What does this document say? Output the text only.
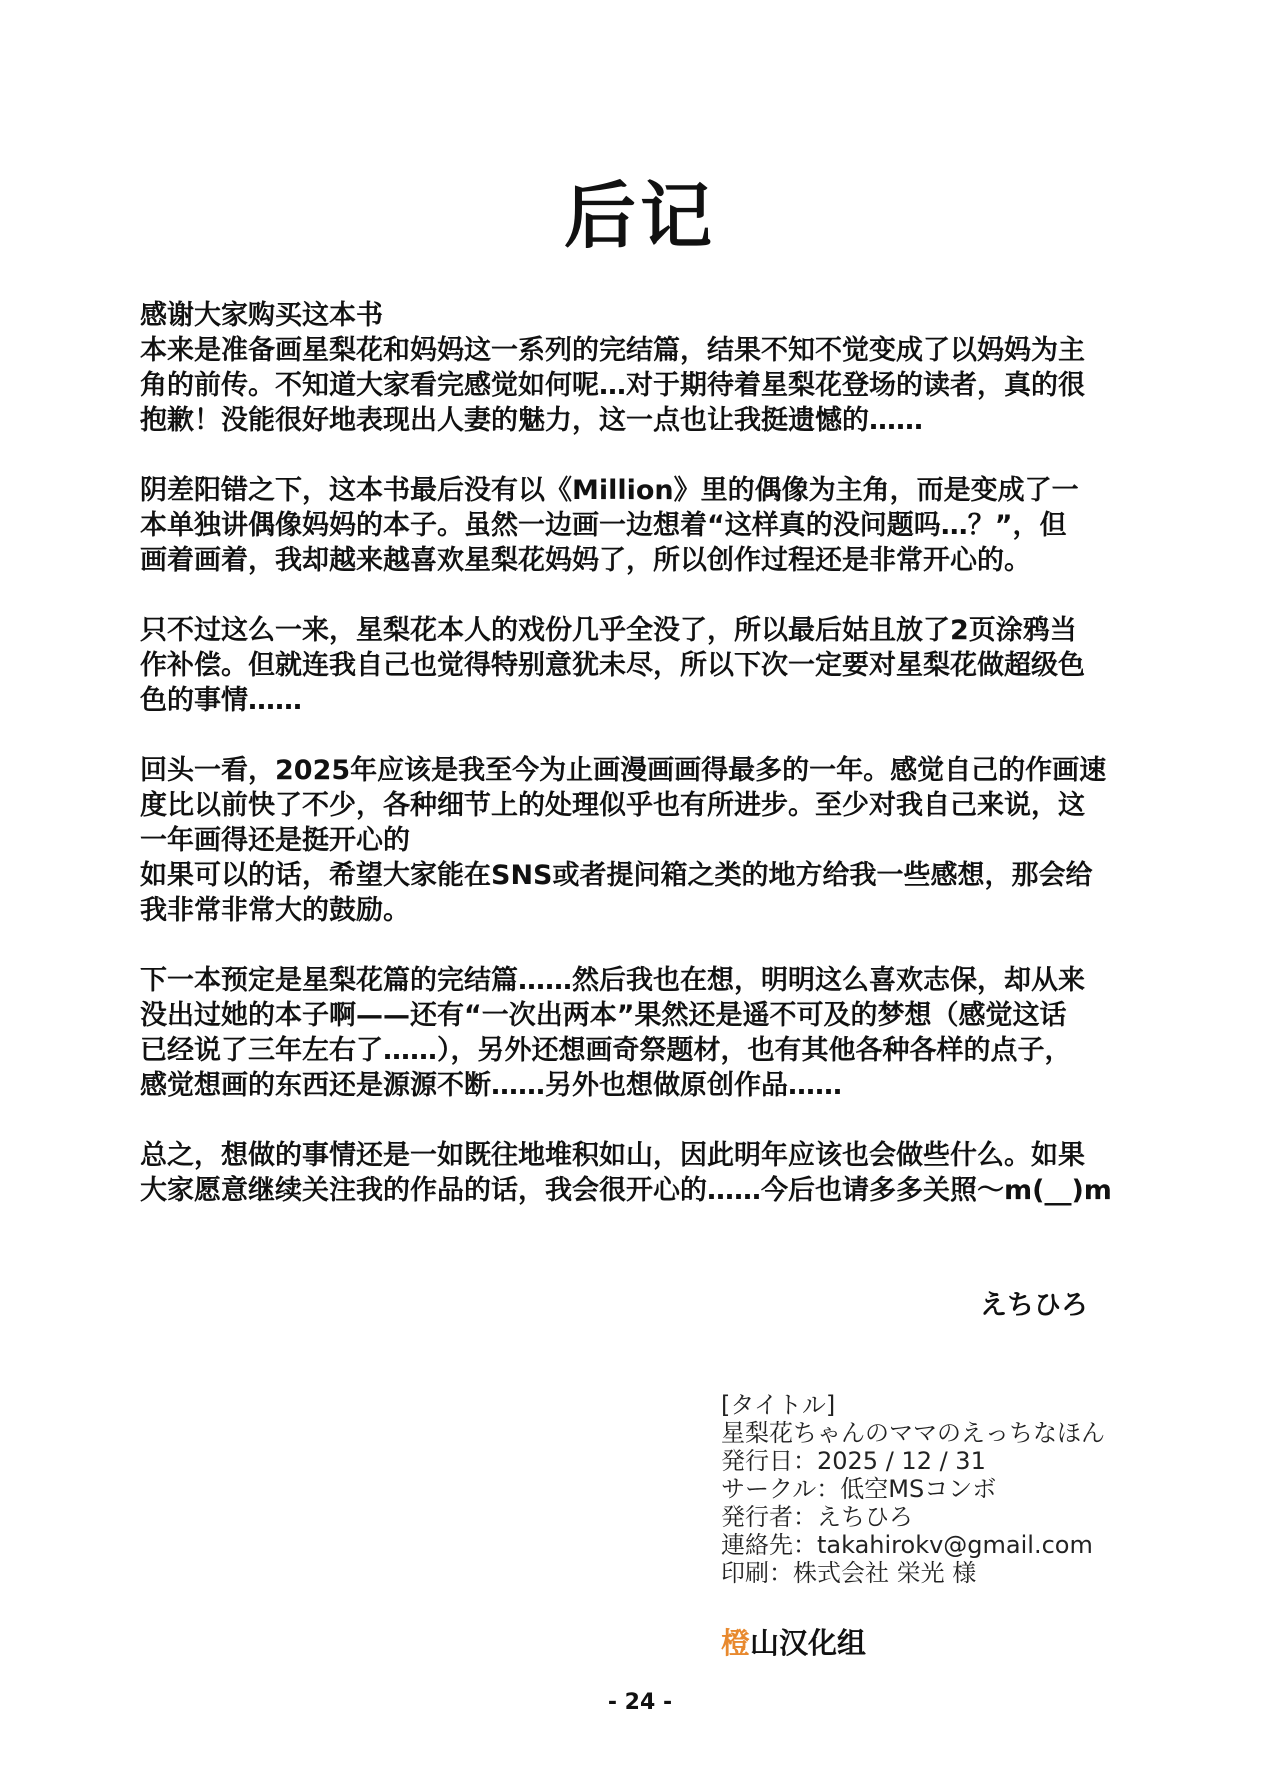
后记
感谢大家购买这本书
本来是准备画星梨花和妈妈这一系列的完结篇，结果不知不觉变成了以妈妈为主
角的前传。不知道大家看完感觉如何呢…对于期待着星梨花登场的读者，真的很
抱歉！没能很好地表现出人妻的魅力，这一点也让我挺遗憾的……
阴差阳错之下，这本书最后没有以《Million》里的偶像为主角，而是变成了一
本单独讲偶像妈妈的本子。虽然一边画一边想着“这样真的没问题吗…？”，但
画着画着，我却越来越喜欢星梨花妈妈了，所以创作过程还是非常开心的。
只不过这么一来，星梨花本人的戏份几乎全没了，所以最后姑且放了2页涂鸦当
作补偿。但就连我自己也觉得特别意犹未尽，所以下次一定要对星梨花做超级色
色的事情……
回头一看，2025年应该是我至今为止画漫画画得最多的一年。感觉自己的作画速
度比以前快了不少，各种细节上的处理似乎也有所进步。至少对我自己来说，这
一年画得还是挺开心的
如果可以的话，希望大家能在SNS或者提问箱之类的地方给我一些感想，那会给
我非常非常大的鼓励。
下一本预定是星梨花篇的完结篇……然后我也在想，明明这么喜欢志保，却从来
没出过她的本子啊——还有“一次出两本”果然还是遥不可及的梦想（感觉这话
已经说了三年左右了……），另外还想画奇祭题材，也有其他各种各样的点子，
感觉想画的东西还是源源不断……另外也想做原创作品……
总之，想做的事情还是一如既往地堆积如山，因此明年应该也会做些什么。如果
大家愿意继续关注我的作品的话，我会很开心的……今后也请多多关照～m(__)m
えちひろ
[タイトル]
星梨花ちゃんのママのえっちなほん
発行日：2025 / 12 / 31
サークル：低空MSコンボ
発行者：えちひろ
連絡先：takahirokv@gmail.com
印刷：株式会社 栄光 様
橙山汉化组
- 24 -
